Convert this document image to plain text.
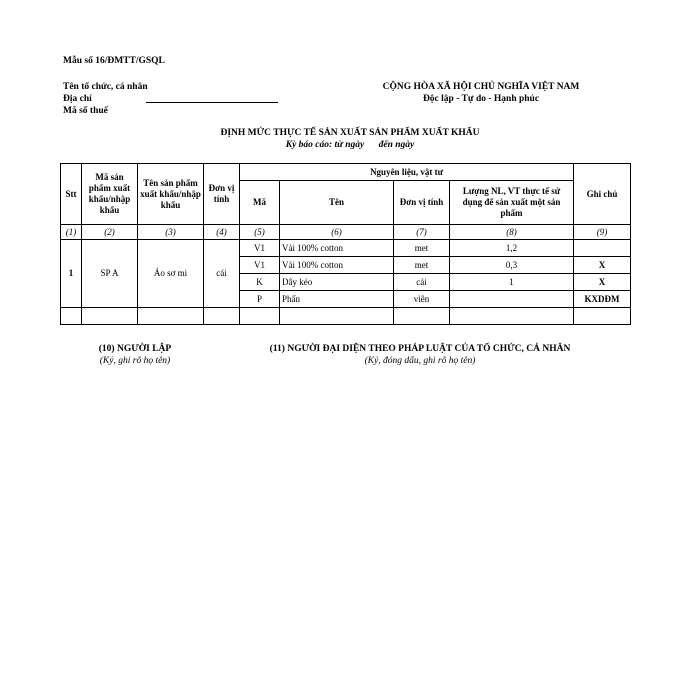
Mẫu số 16/ĐMTT/GSQL
Tên tổ chức, cá nhân
Địa chỉ
Mã số thuế
CỘNG HÒA XÃ HỘI CHỦ NGHĨA VIỆT NAM
Độc lập - Tự do - Hạnh phúc
ĐỊNH MỨC THỰC TẾ SẢN XUẤT SẢN PHẨM XUẤT KHẨU
Kỳ báo cáo: từ ngày đến ngày
Stt	Mã sản phẩm xuất khẩu/nhập khẩu	Tên sản phẩm xuất khẩu/nhập khẩu	Đơn vị tính	Nguyên liệu, vật tư				Ghi chú
				Mã	Tên	Đơn vị tính	Lượng NL, VT thực tế sử dụng để sản xuất một sản phẩm	
(1)	(2)	(3)	(4)	(5)	(6)	(7)	(8)	(9)
1	SP A	Áo sơ mi	cái	V1	Vải 100% cotton	met	1,2	
				V1	Vải 100% cotton	met	0,3	X
				K	Dây kéo	cái	1	X
				P	Phấn	viên		KXDĐM

(10) NGƯỜI LẬP
(Ký, ghi rõ họ tên)
(11) NGƯỜI ĐẠI DIỆN THEO PHÁP LUẬT CỦA TỔ CHỨC, CÁ NHÂN
(Ký, đóng dấu, ghi rõ họ tên)
